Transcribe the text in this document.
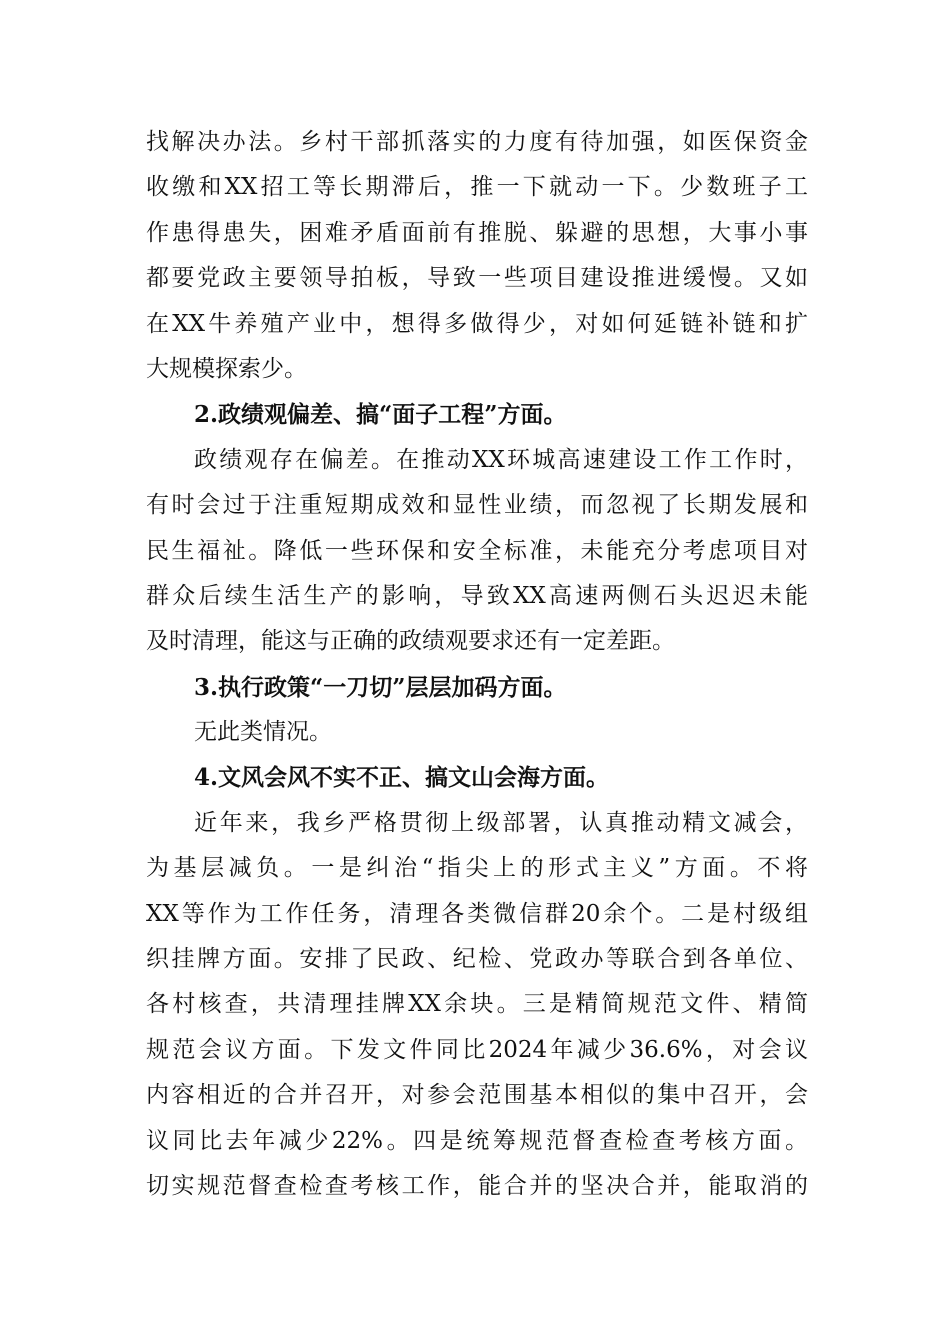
找解决办法。乡村干部抓落实的力度有待加强，如医保资金
收缴和XX招工等长期滞后，推一下就动一下。少数班子工
作患得患失，困难矛盾面前有推脱、躲避的思想，大事小事
都要党政主要领导拍板，导致一些项目建设推进缓慢。又如
在XX牛养殖产业中，想得多做得少，对如何延链补链和扩
大规模探索少。
2.政绩观偏差、搞“面子工程”方面。
政绩观存在偏差。在推动XX环城高速建设工作工作时，
有时会过于注重短期成效和显性业绩，而忽视了长期发展和
民生福祉。降低一些环保和安全标准，未能充分考虑项目对
群众后续生活生产的影响，导致XX高速两侧石头迟迟未能
及时清理，能这与正确的政绩观要求还有一定差距。
3.执行政策“一刀切”层层加码方面。
无此类情况。
4.文风会风不实不正、搞文山会海方面。
近年来，我乡严格贯彻上级部署，认真推动精文减会，
为基层减负。一是纠治“指尖上的形式主义”方面。不将
XX等作为工作任务，清理各类微信群20余个。二是村级组
织挂牌方面。安排了民政、纪检、党政办等联合到各单位、
各村核查，共清理挂牌XX余块。三是精简规范文件、精简
规范会议方面。下发文件同比2024年减少36.6%，对会议
内容相近的合并召开，对参会范围基本相似的集中召开，会
议同比去年减少22%。四是统筹规范督查检查考核方面。
切实规范督查检查考核工作，能合并的坚决合并，能取消的
